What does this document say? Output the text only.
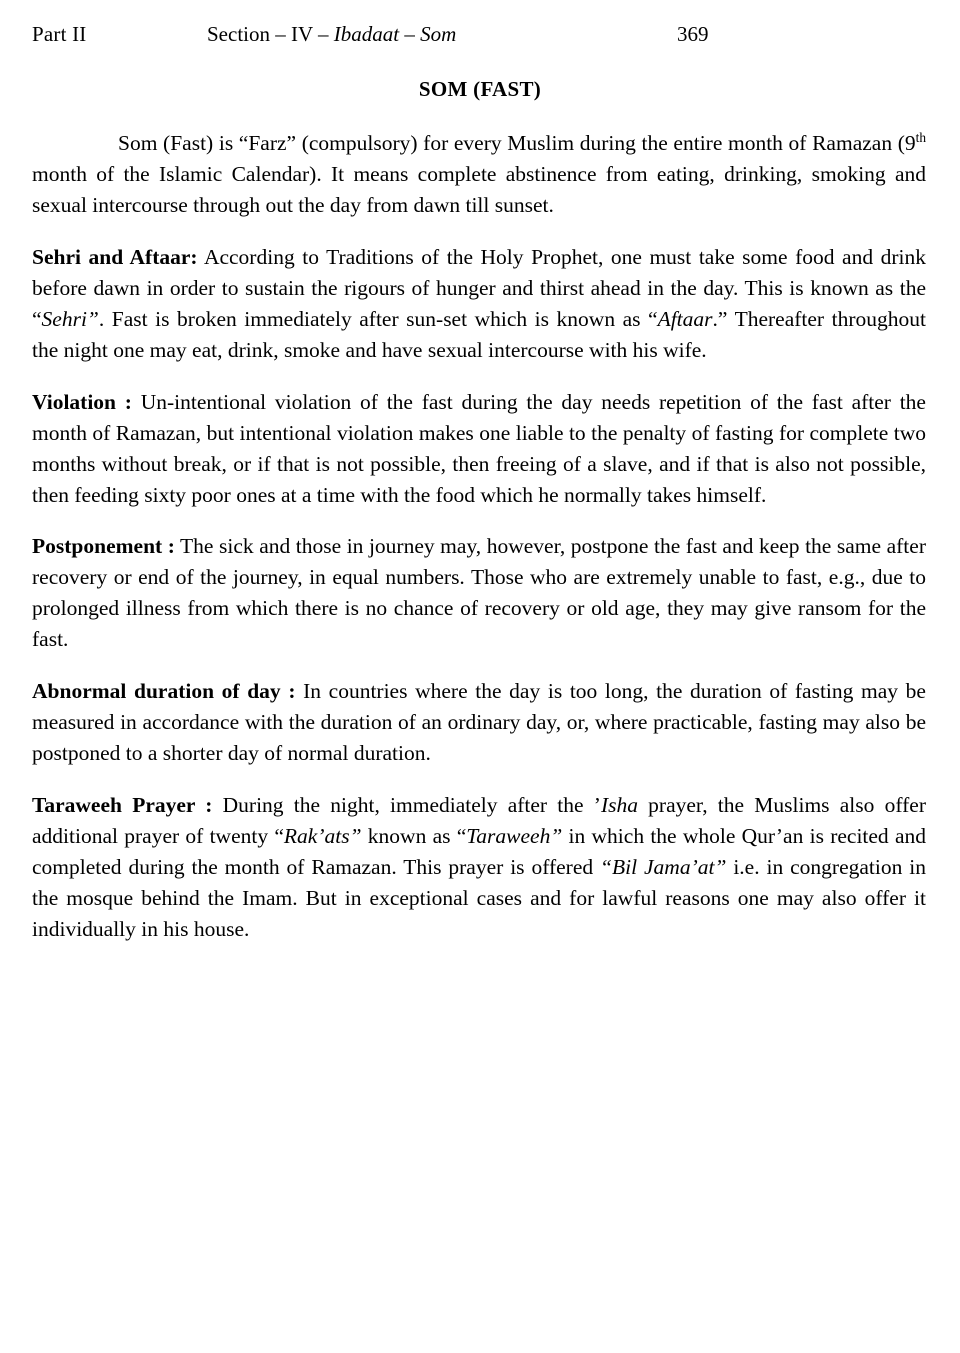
Part II	Section – IV – Ibadaat – Som	369
SOM (FAST)

Som (Fast) is “Farz” (compulsory) for every Muslim during the entire month of Ramazan (9th month of the Islamic Calendar). It means complete abstinence from eating, drinking, smoking and sexual intercourse through out the day from dawn till sunset.

Sehri and Aftaar: According to Traditions of the Holy Prophet, one must take some food and drink before dawn in order to sustain the rigours of hunger and thirst ahead in the day. This is known as the “Sehri”. Fast is broken immediately after sun-set which is known as “Aftaar.” Thereafter throughout the night one may eat, drink, smoke and have sexual intercourse with his wife.

Violation : Un-intentional violation of the fast during the day needs repetition of the fast after the month of Ramazan, but intentional violation makes one liable to the penalty of fasting for complete two months without break, or if that is not possible, then freeing of a slave, and if that is also not possible, then feeding sixty poor ones at a time with the food which he normally takes himself.

Postponement : The sick and those in journey may, however, postpone the fast and keep the same after recovery or end of the journey, in equal numbers. Those who are extremely unable to fast, e.g., due to prolonged illness from which there is no chance of recovery or old age, they may give ransom for the fast.

Abnormal duration of day : In countries where the day is too long, the duration of fasting may be measured in accordance with the duration of an ordinary day, or, where practicable, fasting may also be postponed to a shorter day of normal duration.

Taraweeh Prayer : During the night, immediately after the ’Isha prayer, the Muslims also offer additional prayer of twenty “Rak’ats” known as “Taraweeh” in which the whole Qur’an is recited and completed during the month of Ramazan. This prayer is offered “Bil Jama’at” i.e. in congregation in the mosque behind the Imam. But in exceptional cases and for lawful reasons one may also offer it individually in his house.
